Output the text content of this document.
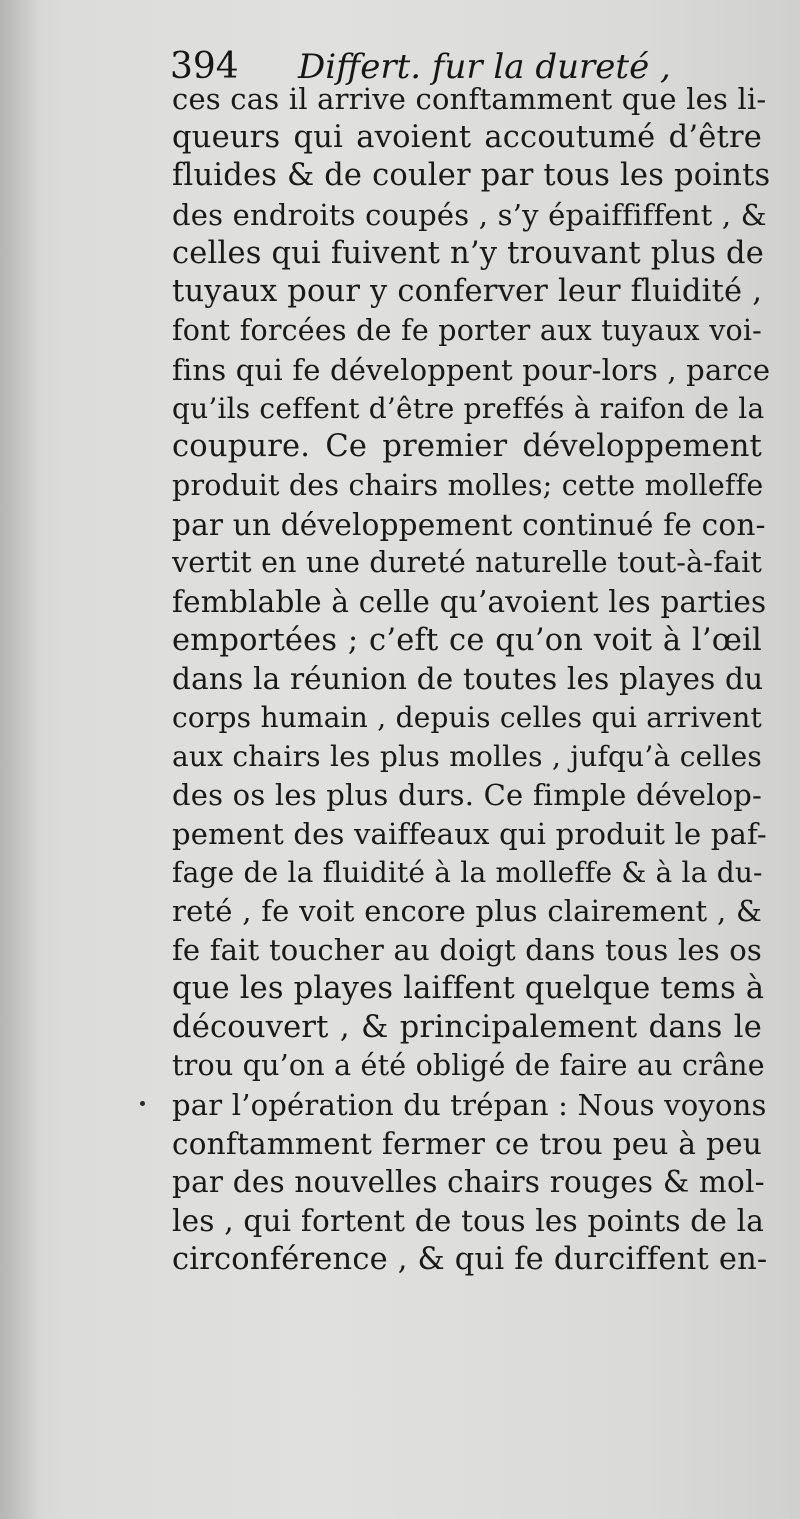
394 Differt. fur la dureté ,
ces cas il arrive conftamment que les li-
queurs qui avoient accoutumé d’être
fluides & de couler par tous les points
des endroits coupés , s’y épaiffiffent , &
celles qui fuivent n’y trouvant plus de
tuyaux pour y conferver leur fluidité ,
font forcées de fe porter aux tuyaux voi-
fins qui fe développent pour-lors , parce
qu’ils ceffent d’être preffés à raifon de la
coupure. Ce premier développement
produit des chairs molles; cette molleffe
par un développement continué fe con-
vertit en une dureté naturelle tout-à-fait
femblable à celle qu’avoient les parties
emportées ; c’eft ce qu’on voit à l’œil
dans la réunion de toutes les playes du
corps humain , depuis celles qui arrivent
aux chairs les plus molles , jufqu’à celles
des os les plus durs. Ce fimple dévelop-
pement des vaiffeaux qui produit le paf-
fage de la fluidité à la molleffe & à la du-
reté , fe voit encore plus clairement , &
fe fait toucher au doigt dans tous les os
que les playes laiffent quelque tems à
découvert , & principalement dans le
trou qu’on a été obligé de faire au crâne
par l’opération du trépan : Nous voyons
conftamment fermer ce trou peu à peu
par des nouvelles chairs rouges & mol-
les , qui fortent de tous les points de la
circonférence , & qui fe durciffent en-
